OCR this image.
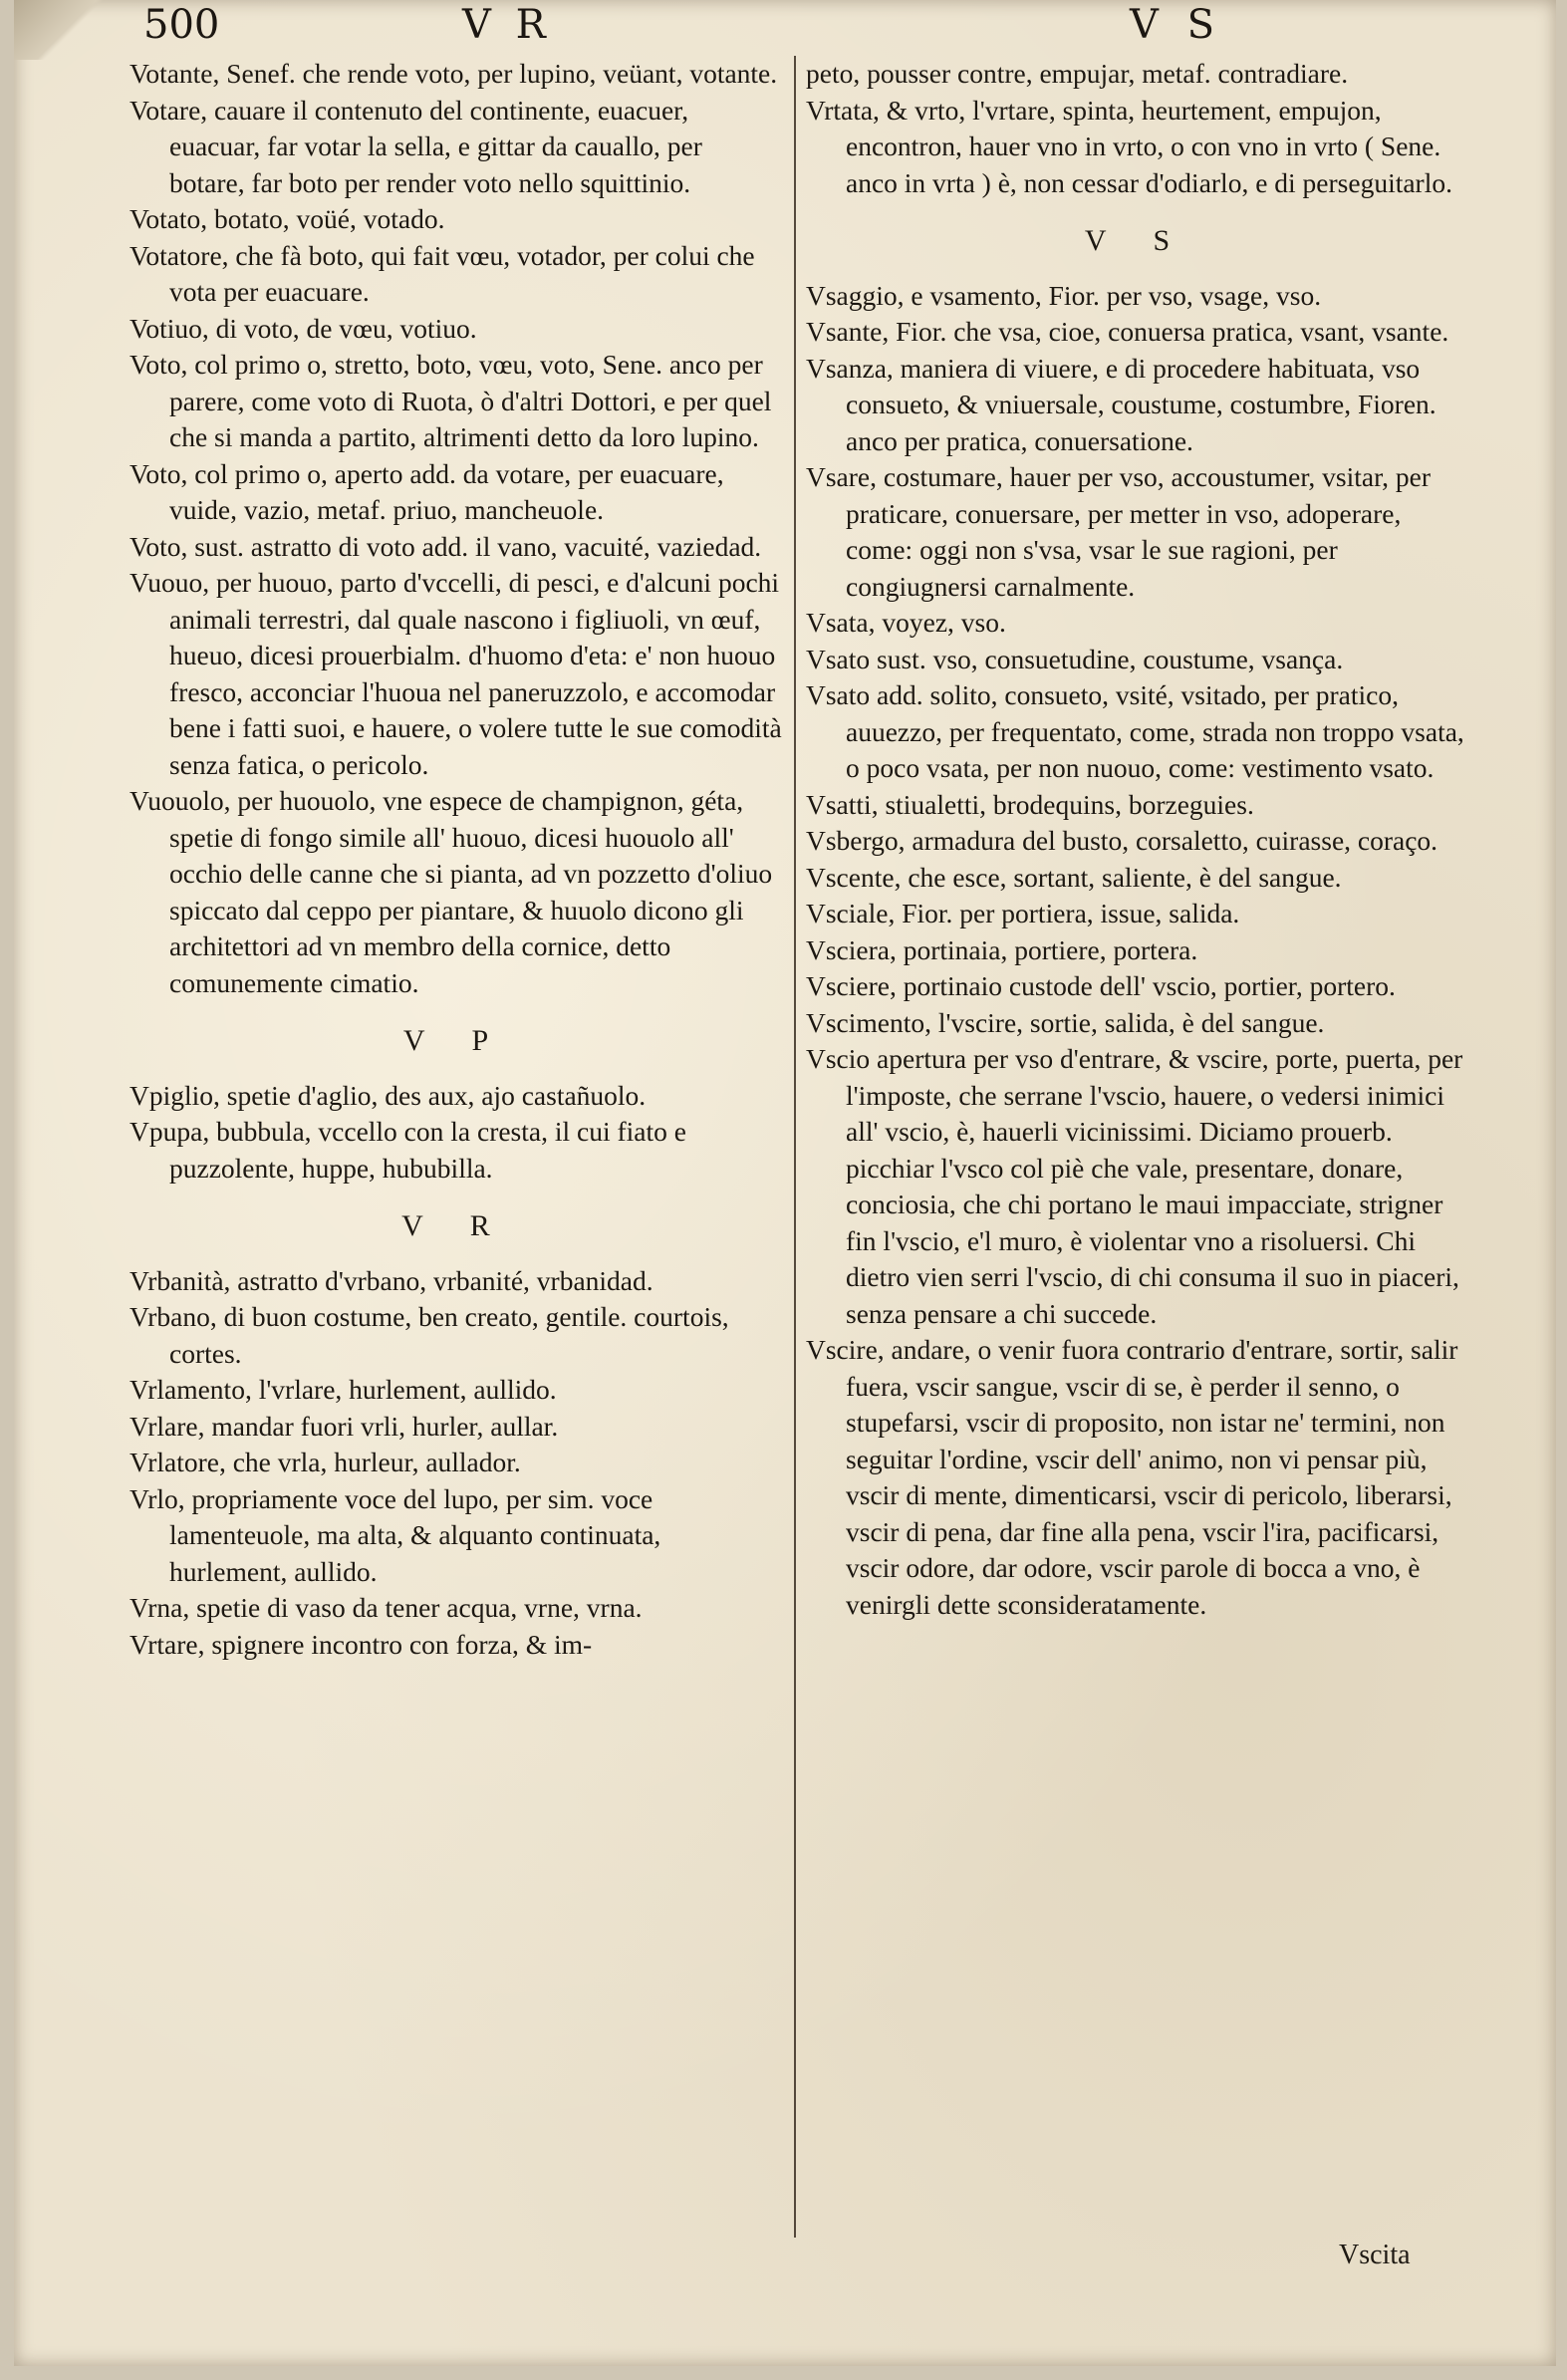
500	V R	V S

Votante, Senef. che rende voto, per lupino, veüant, votante.

Votare, cauare il contenuto del continente, euacuer, euacuar, far votar la sella, e gittar da cauallo, per botare, far boto per render voto nello squittinio.

Votato, botato, voüé, votado.

Votatore, che fà boto, qui fait vœu, votador, per colui che vota per euacuare.

Votiuo, di voto, de vœu, votiuo.

Voto, col primo o, stretto, boto, vœu, voto, Sene. anco per parere, come voto di Ruota, ò d'altri Dottori, e per quel che si manda a partito, altrimenti detto da loro lupino.

Voto, col primo o, aperto add. da votare, per euacuare, vuide, vazio, metaf. priuo, mancheuole.

Voto, sust. astratto di voto add. il vano, vacuité, vaziedad.

Vuouo, per huouo, parto d'vccelli, di pesci, e d'alcuni pochi animali terrestri, dal quale nascono i figliuoli, vn œuf, hueuo, dicesi prouerbialm. d'huomo d'eta: e' non huouo fresco, acconciar l'huoua nel paneruzzolo, e accomodar bene i fatti suoi, e hauere, o volere tutte le sue comodità senza fatica, o pericolo.

Vuouolo, per huouolo, vne espece de champignon, géta, spetie di fongo simile all' huouo, dicesi huouolo all' occhio delle canne che si pianta, ad vn pozzetto d'oliuo spiccato dal ceppo per piantare, & huuolo dicono gli architettori ad vn membro della cornice, detto comunemente cimatio.

V P

Vpiglio, spetie d'aglio, des aux, ajo castañuolo.

Vpupa, bubbula, vccello con la cresta, il cui fiato e puzzolente, huppe, hububilla.

V R

Vrbanità, astratto d'vrbano, vrbanité, vrbanidad.

Vrbano, di buon costume, ben creato, gentile. courtois, cortes.

Vrlamento, l'vrlare, hurlement, aullido.

Vrlare, mandar fuori vrli, hurler, aullar.

Vrlatore, che vrla, hurleur, aullador.

Vrlo, propriamente voce del lupo, per sim. voce lamenteuole, ma alta, & alquanto continuata, hurlement, aullido.

Vrna, spetie di vaso da tener acqua, vrne, vrna.

Vrtare, spignere incontro con forza, & im-

peto, pousser contre, empujar, metaf. contradiare.

Vrtata, & vrto, l'vrtare, spinta, heurtement, empujon, encontron, hauer vno in vrto, o con vno in vrto ( Sene. anco in vrta ) è, non cessar d'odiarlo, e di perseguitarlo.

V S

Vsaggio, e vsamento, Fior. per vso, vsage, vso.

Vsante, Fior. che vsa, cioe, conuersa pratica, vsant, vsante.

Vsanza, maniera di viuere, e di procedere habituata, vso consueto, & vniuersale, coustume, costumbre, Fioren. anco per pratica, conuersatione.

Vsare, costumare, hauer per vso, accoustumer, vsitar, per praticare, conuersare, per metter in vso, adoperare, come: oggi non s'vsa, vsar le sue ragioni, per congiugnersi carnalmente.

Vsata, voyez, vso.

Vsato sust. vso, consuetudine, coustume, vsança.

Vsato add. solito, consueto, vsité, vsitado, per pratico, auuezzo, per frequentato, come, strada non troppo vsata, o poco vsata, per non nuouo, come: vestimento vsato.

Vsatti, stiualetti, brodequins, borzeguies.

Vsbergo, armadura del busto, corsaletto, cuirasse, coraço.

Vscente, che esce, sortant, saliente, è del sangue.

Vsciale, Fior. per portiera, issue, salida.

Vsciera, portinaia, portiere, portera.

Vsciere, portinaio custode dell' vscio, portier, portero.

Vscimento, l'vscire, sortie, salida, è del sangue.

Vscio apertura per vso d'entrare, & vscire, porte, puerta, per l'imposte, che serrane l'vscio, hauere, o vedersi inimici all' vscio, è, hauerli vicinissimi. Diciamo prouerb. picchiar l'vsco col piè che vale, presentare, donare, conciosia, che chi portano le maui impacciate, strigner fin l'vscio, e'l muro, è violentar vno a risoluersi. Chi dietro vien serri l'vscio, di chi consuma il suo in piaceri, senza pensare a chi succede.

Vscire, andare, o venir fuora contrario d'entrare, sortir, salir fuera, vscir sangue, vscir di se, è perder il senno, o stupefarsi, vscir di proposito, non istar ne' termini, non seguitar l'ordine, vscir dell' animo, non vi pensar più, vscir di mente, dimenticarsi, vscir di pericolo, liberarsi, vscir di pena, dar fine alla pena, vscir l'ira, pacificarsi, vscir odore, dar odore, vscir parole di bocca a vno, è venirgli dette sconsideratamente.

Vscita
